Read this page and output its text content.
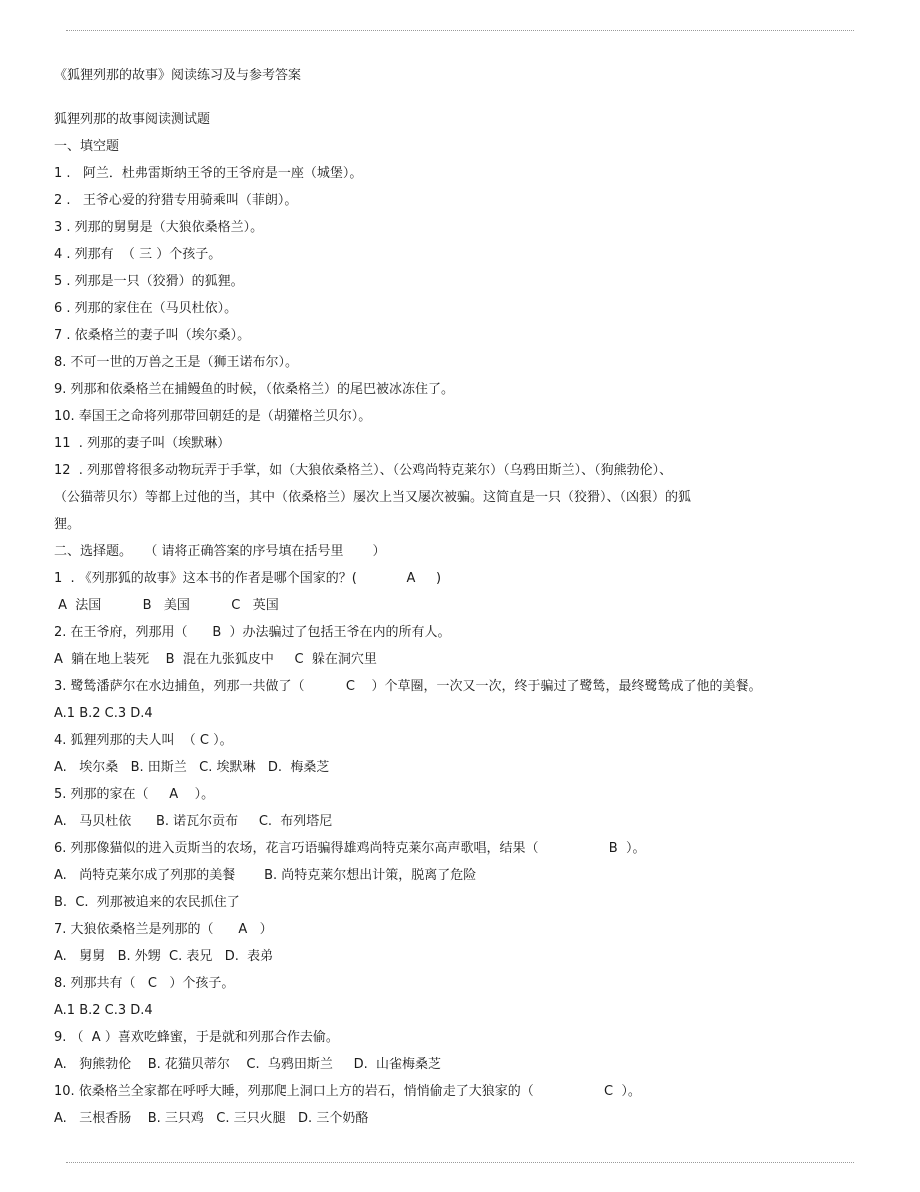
《狐狸列那的故事》阅读练习及与参考答案
狐狸列那的故事阅读测试题
一、填空题
1 .   阿兰．杜弗雷斯纳王爷的王爷府是一座（城堡）。
2 .   王爷心爱的狩猎专用骑乘叫（菲朗）。
3 . 列那的舅舅是（大狼依桑格兰）。
4 . 列那有  （ 三 ）个孩子。
5 . 列那是一只（狡猾）的狐狸。
6 . 列那的家住在（马贝杜依）。
7 . 依桑格兰的妻子叫（埃尔桑）。
8. 不可一世的万兽之王是（狮王诺布尔）。
9. 列那和依桑格兰在捕鳗鱼的时候，（依桑格兰）的尾巴被冰冻住了。
10. 奉国王之命将列那带回朝廷的是（胡獾格兰贝尔）。
11  . 列那的妻子叫（埃默琳）
12  . 列那曾将很多动物玩弄于手掌，如（大狼依桑格兰）、（公鸡尚特克莱尔）（乌鸦田斯兰）、（狗熊勃伦）、
（公猫蒂贝尔）等都上过他的当，其中（依桑格兰）屡次上当又屡次被骗。这简直是一只（狡猾）、（凶狠）的狐
狸。
二、选择题。   （ 请将正确答案的序号填在括号里       ）
1  . 《列那狐的故事》这本书的作者是哪个国家的？(            A     )
A  法国          B   美国          C   英国
2. 在王爷府，列那用（      B  ）办法骗过了包括王爷在内的所有人。
A  躺在地上装死    B  混在九张狐皮中     C  躲在洞穴里
3. 鹭鸶潘萨尔在水边捕鱼，列那一共做了（          C    ）个草圈，一次又一次，终于骗过了鹭鸶，最终鹭鸶成了他的美餐。
A.1 B.2 C.3 D.4
4. 狐狸列那的夫人叫  （ C ）。
A.   埃尔桑   B. 田斯兰   C. 埃默琳   D.  梅桑芝
5. 列那的家在（     A    ）。
A.   马贝杜依      B. 诺瓦尔贡布     C.  布列塔尼
6. 列那像猫似的进入贡斯当的农场，花言巧语骗得雄鸡尚特克莱尔高声歌唱，结果（                 B  ）。
A.   尚特克莱尔成了列那的美餐       B. 尚特克莱尔想出计策，脱离了危险
B.  C.  列那被追来的农民抓住了
7. 大狼依桑格兰是列那的（      A   ）
A.   舅舅   B. 外甥  C. 表兄   D.  表弟
8. 列那共有（   C   ）个孩子。
A.1 B.2 C.3 D.4
9. （  A ）喜欢吃蜂蜜，于是就和列那合作去偷。
A.   狗熊勃伦    B. 花猫贝蒂尔    C.  乌鸦田斯兰     D.  山雀梅桑芝
10. 依桑格兰全家都在呼呼大睡，列那爬上洞口上方的岩石，悄悄偷走了大狼家的（                 C  ）。
A.   三根香肠    B. 三只鸡   C. 三只火腿   D. 三个奶酪
